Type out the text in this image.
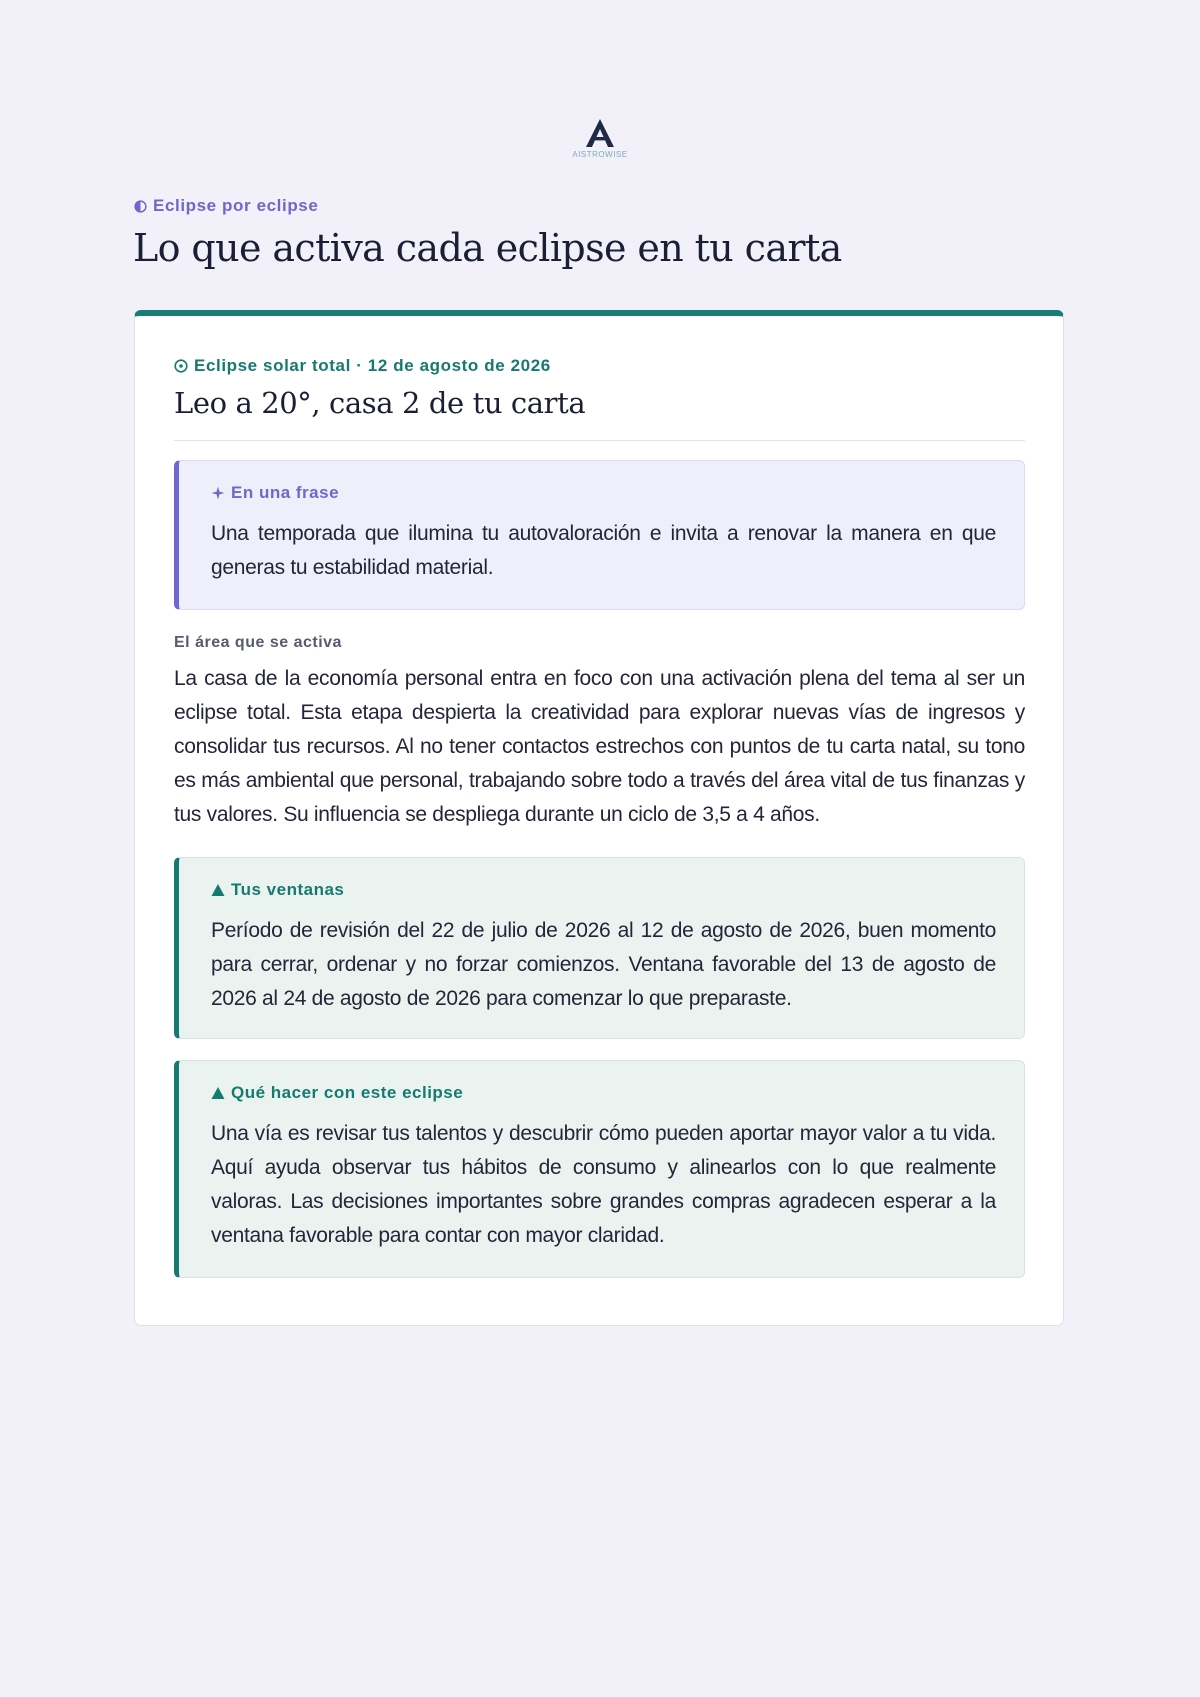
AISTROWISE
Eclipse por eclipse
Lo que activa cada eclipse en tu carta
Eclipse solar total · 12 de agosto de 2026
Leo a 20°, casa 2 de tu carta
En una frase

Una temporada que ilumina tu autovaloración e invita a renovar la manera en que generas tu estabilidad material.

El área que se activa

La casa de la economía personal entra en foco con una activación plena del tema al ser un eclipse total. Esta etapa despierta la creatividad para explorar nuevas vías de ingresos y consolidar tus recursos. Al no tener contactos estrechos con puntos de tu carta natal, su tono es más ambiental que personal, trabajando sobre todo a través del área vital de tus finanzas y tus valores. Su influencia se despliega durante un ciclo de 3,5 a 4 años.

Tus ventanas

Período de revisión del 22 de julio de 2026 al 12 de agosto de 2026, buen momento para cerrar, ordenar y no forzar comienzos. Ventana favorable del 13 de agosto de 2026 al 24 de agosto de 2026 para comenzar lo que preparaste.

Qué hacer con este eclipse

Una vía es revisar tus talentos y descubrir cómo pueden aportar mayor valor a tu vida. Aquí ayuda observar tus hábitos de consumo y alinearlos con lo que realmente valoras. Las decisiones importantes sobre grandes compras agradecen esperar a la ventana favorable para contar con mayor claridad.
